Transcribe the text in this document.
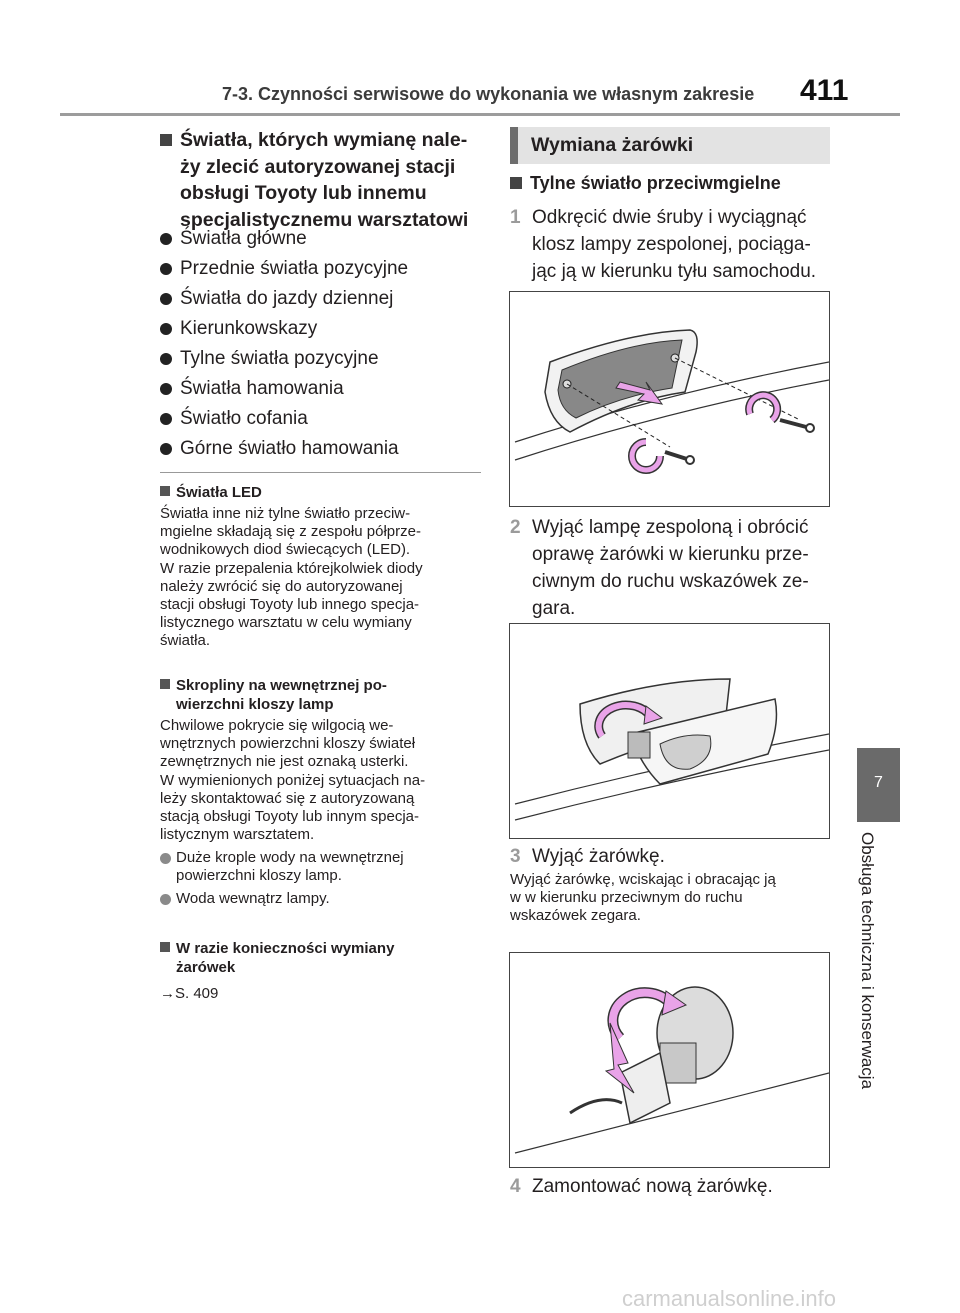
7-3. Czynności serwisowe do wykonania we własnym zakresie 411
7
Obsługa techniczna i konserwacja
Światła, których wymianę nale-
ży zlecić autoryzowanej stacji
obsługi Toyoty lub innemu
specjalistycznemu warsztatowi
Światła główne
Przednie światła pozycyjne
Światła do jazdy dziennej
Kierunkowskazy
Tylne światła pozycyjne
Światła hamowania
Światło cofania
Górne światło hamowania
Światła LED
Światła inne niż tylne światło przeciw-
mgielne składają się z zespołu półprze-
wodnikowych diod świecących (LED).
W razie przepalenia którejkolwiek diody
należy zwrócić się do autoryzowanej
stacji obsługi Toyoty lub innego specja-
listycznego warsztatu w celu wymiany
światła.
Skropliny na wewnętrznej po-
wierzchni kloszy lamp
Chwilowe pokrycie się wilgocią we-
wnętrznych powierzchni kloszy świateł
zewnętrznych nie jest oznaką usterki.
W wymienionych poniżej sytuacjach na-
leży skontaktować się z autoryzowaną
stacją obsługi Toyoty lub innym specja-
listycznym warsztatem.
Duże krople wody na wewnętrznej
powierzchni kloszy lamp.
Woda wewnątrz lampy.
W razie konieczności wymiany
żarówek
→S. 409
Wymiana żarówki
Tylne światło przeciwmgielne
1 Odkręcić dwie śruby i wyciągnąć
klosz lampy zespolonej, pociąga-
jąc ją w kierunku tyłu samochodu.
2 Wyjąć lampę zespoloną i obrócić
oprawę żarówki w kierunku prze-
ciwnym do ruchu wskazówek ze-
gara.
3 Wyjąć żarówkę.
Wyjąć żarówkę, wciskając i obracając ją
w w kierunku przeciwnym do ruchu
wskazówek zegara.
4 Zamontować nową żarówkę.
carmanualsonline.info
